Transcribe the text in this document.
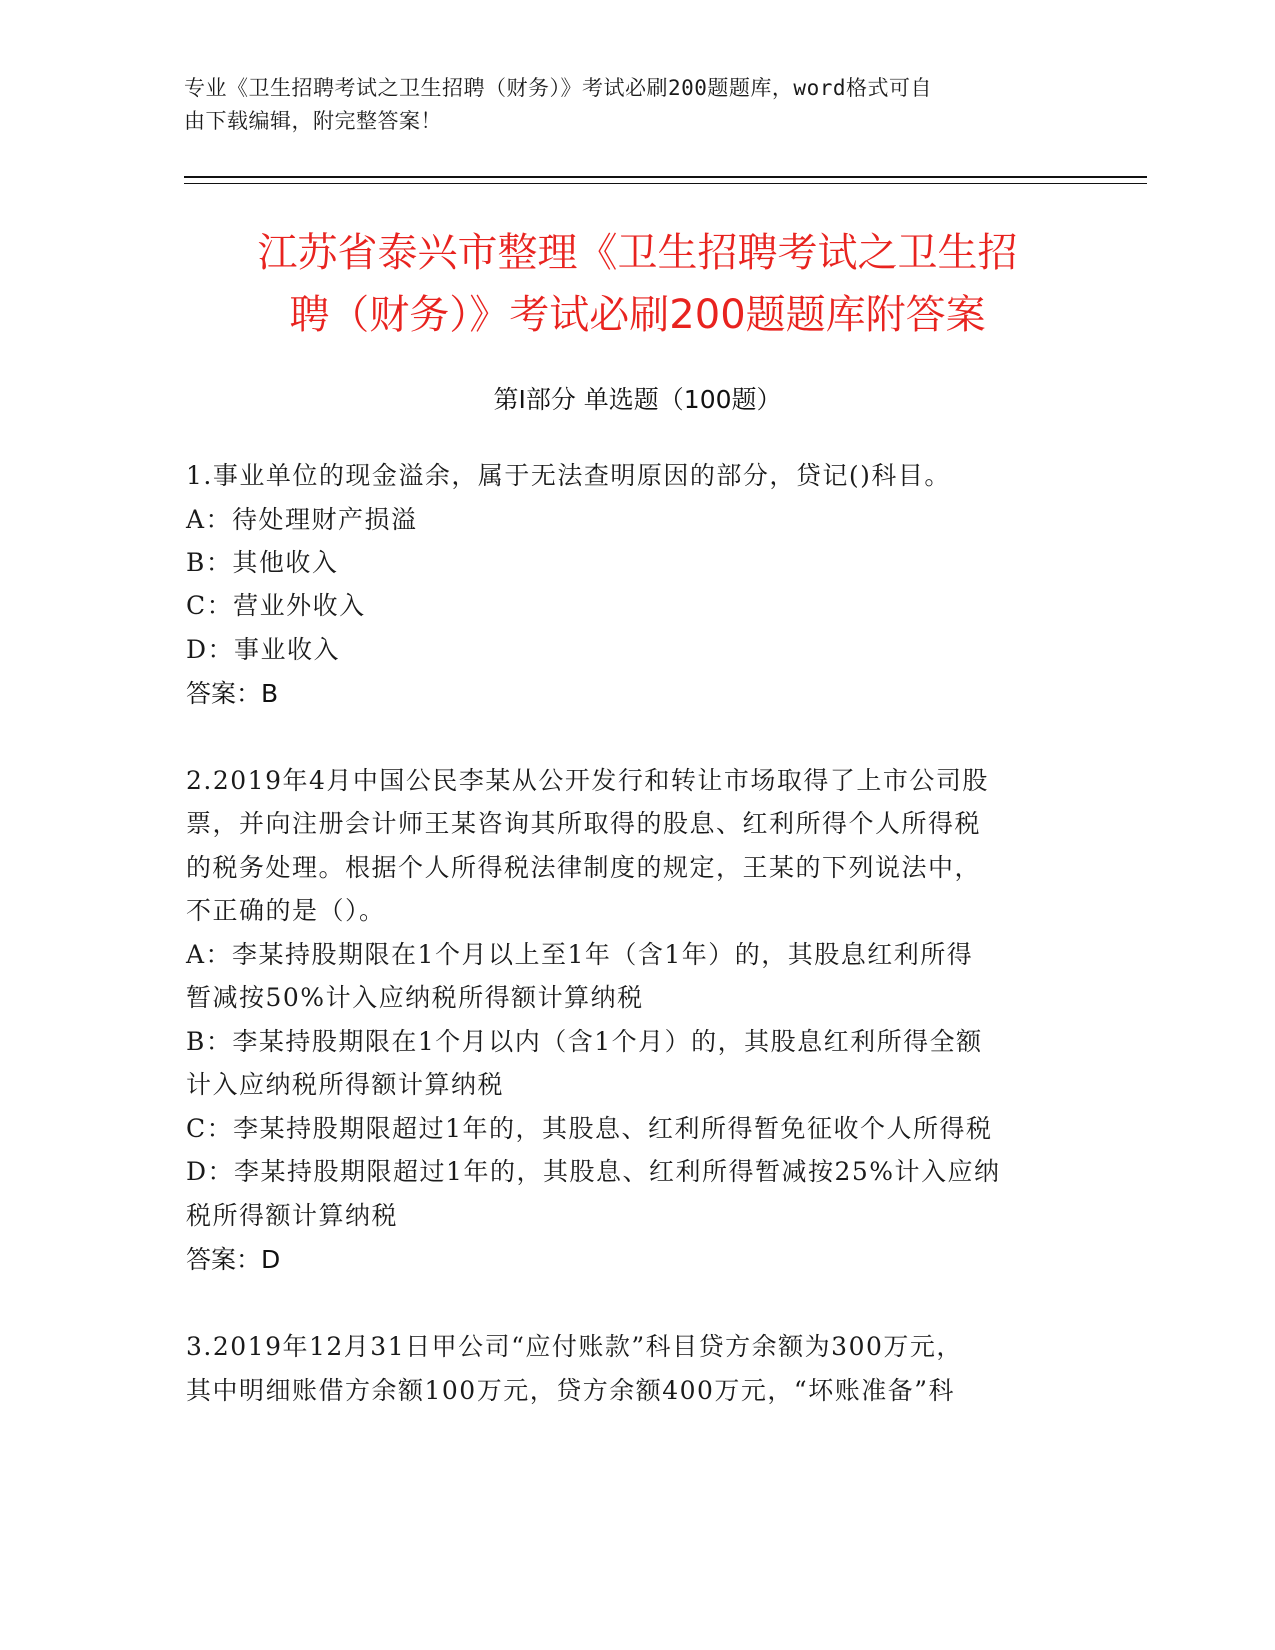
专业《卫生招聘考试之卫生招聘（财务）》考试必刷200题题库，word格式可自
由下载编辑，附完整答案！
江苏省泰兴市整理《卫生招聘考试之卫生招
聘（财务）》考试必刷200题题库附答案
第I部分 单选题（100题）
1.事业单位的现金溢余，属于无法查明原因的部分，贷记()科目。
A：待处理财产损溢
B：其他收入
C：营业外收入
D：事业收入
答案：B
2.2019年4月中国公民李某从公开发行和转让市场取得了上市公司股
票，并向注册会计师王某咨询其所取得的股息、红利所得个人所得税
的税务处理。根据个人所得税法律制度的规定，王某的下列说法中，
不正确的是（）。
A：李某持股期限在1个月以上至1年（含1年）的，其股息红利所得
暂减按50%计入应纳税所得额计算纳税
B：李某持股期限在1个月以内（含1个月）的，其股息红利所得全额
计入应纳税所得额计算纳税
C：李某持股期限超过1年的，其股息、红利所得暂免征收个人所得税
D：李某持股期限超过1年的，其股息、红利所得暂减按25%计入应纳
税所得额计算纳税
答案：D
3.2019年12月31日甲公司“应付账款”科目贷方余额为300万元，
其中明细账借方余额100万元，贷方余额400万元，“坏账准备”科
